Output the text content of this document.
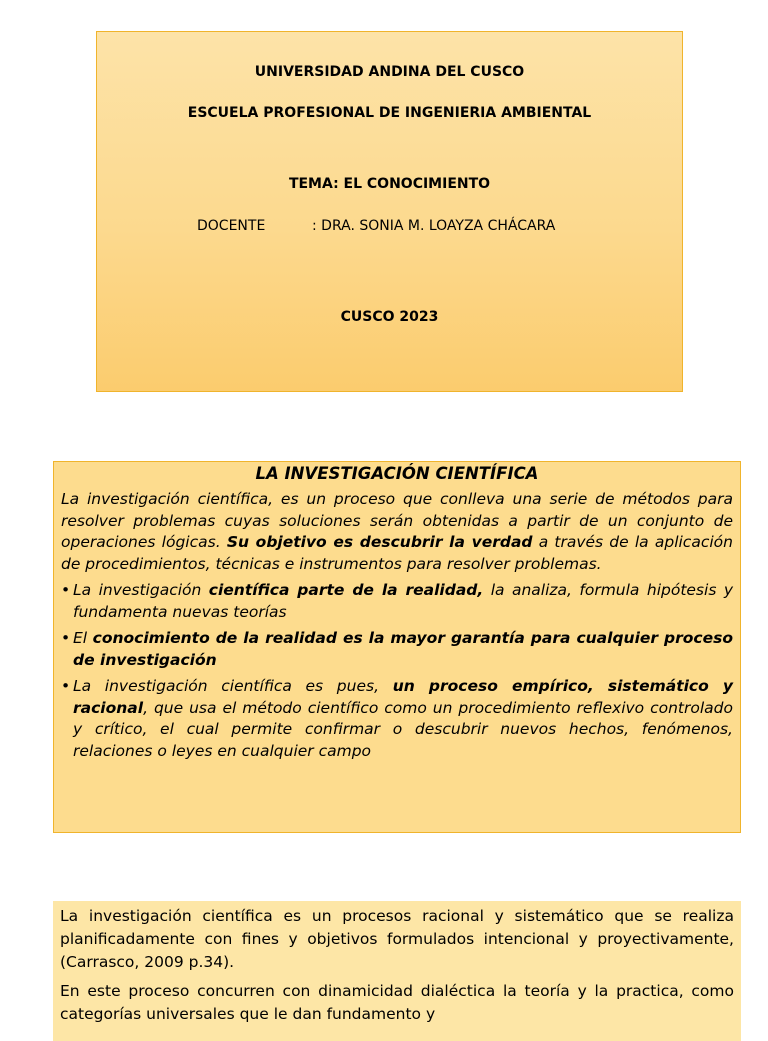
UNIVERSIDAD ANDINA DEL CUSCO
ESCUELA PROFESIONAL DE INGENIERIA AMBIENTAL
TEMA: EL CONOCIMIENTO
DOCENTE	: DRA. SONIA M. LOAYZA CHÁCARA
CUSCO 2023
LA INVESTIGACIÓN CIENTÍFICA
La investigación científica, es un proceso que conlleva una serie de métodos para resolver problemas cuyas soluciones serán obtenidas a partir de un conjunto de operaciones lógicas. Su objetivo es descubrir la verdad a través de la aplicación de procedimientos, técnicas e instrumentos para resolver problemas.
• La investigación científica parte de la realidad, la analiza, formula hipótesis y fundamenta nuevas teorías
• El conocimiento de la realidad es la mayor garantía para cualquier proceso de investigación
• La investigación científica es pues, un proceso empírico, sistemático y racional, que usa el método científico como un procedimiento reflexivo controlado y crítico, el cual permite confirmar o descubrir nuevos hechos, fenómenos, relaciones o leyes en cualquier campo
La investigación científica es un procesos racional y sistemático que se realiza planificadamente con fines y objetivos formulados intencional y proyectivamente, (Carrasco, 2009 p.34).
En este proceso concurren con dinamicidad dialéctica la teoría y la practica, como categorías universales que le dan fundamento y
